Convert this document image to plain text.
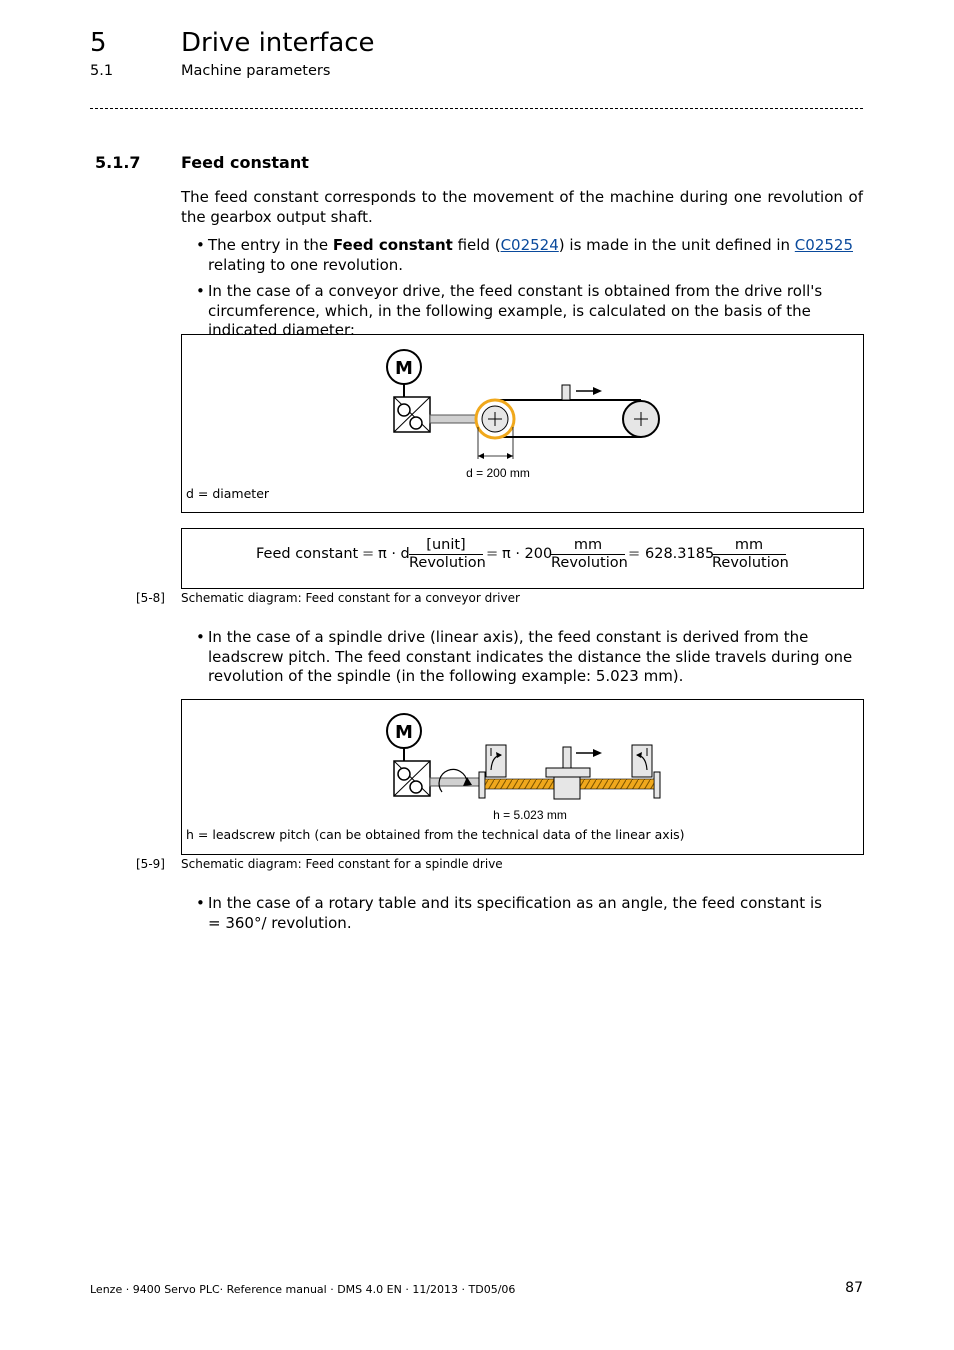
5	Drive interface
5.1	Machine parameters
5.1.7	Feed constant
The feed constant corresponds to the movement of the machine during one revolution of the gearbox output shaft.
• The entry in the Feed constant field (C02524) is made in the unit defined in C02525 relating to one revolution.
• In the case of a conveyor drive, the feed constant is obtained from the drive roll's circumference, which, in the following example, is calculated on the basis of the indicated diameter:
M
d = 200 mm
d = diameter
Feed constant = π · d
[unit]
Revolution
= π · 200
mm
Revolution
= 628.3185
mm
Revolution
[5-8] Schematic diagram: Feed constant for a conveyor driver
• In the case of a spindle drive (linear axis), the feed constant is derived from the leadscrew pitch. The feed constant indicates the distance the slide travels during one revolution of the spindle (in the following example: 5.023 mm).
M
h = 5.023 mm
h = leadscrew pitch (can be obtained from the technical data of the linear axis)
[5-9] Schematic diagram: Feed constant for a spindle drive
• In the case of a rotary table and its specification as an angle, the feed constant is = 360°/ revolution.
Lenze · 9400 Servo PLC· Reference manual · DMS 4.0 EN · 11/2013 · TD05/06	87
